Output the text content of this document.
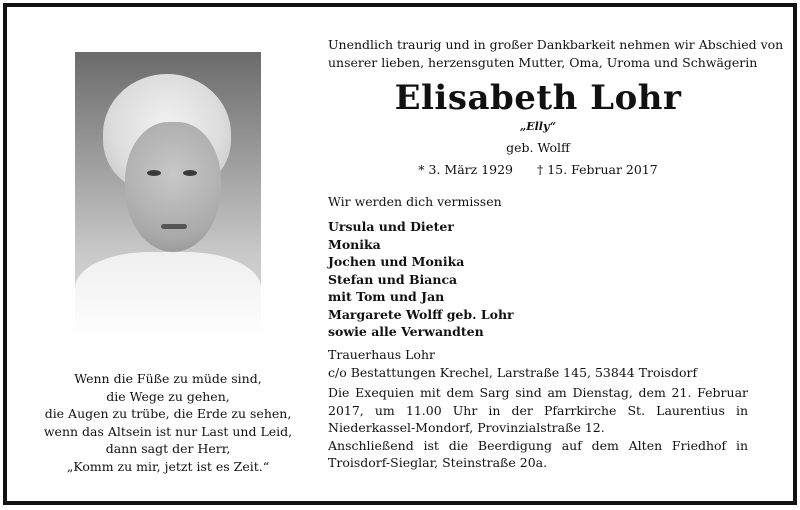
Wenn die Füße zu müde sind,
die Wege zu gehen,
die Augen zu trübe, die Erde zu sehen,
wenn das Altsein ist nur Last und Leid,
dann sagt der Herr,
„Komm zu mir, jetzt ist es Zeit.“
Unendlich traurig und in großer Dankbarkeit nehmen wir Abschied von
unserer lieben, herzensguten Mutter, Oma, Uroma und Schwägerin
Elisabeth Lohr
„Elly“
geb. Wolff
* 3. März 1929 † 15. Februar 2017
Wir werden dich vermissen
Ursula und Dieter
Monika
Jochen und Monika
Stefan und Bianca
mit Tom und Jan
Margarete Wolff geb. Lohr
sowie alle Verwandten
Trauerhaus Lohr
c/o Bestattungen Krechel, Larstraße 145, 53844 Troisdorf
Die Exequien mit dem Sarg sind am Dienstag, dem 21. Februar 2017, um 11.00 Uhr in der Pfarrkirche St. Laurentius in Niederkassel-Mondorf, Provinzialstraße 12.
Anschließend ist die Beerdigung auf dem Alten Friedhof in Troisdorf-Sieglar, Steinstraße 20a.
